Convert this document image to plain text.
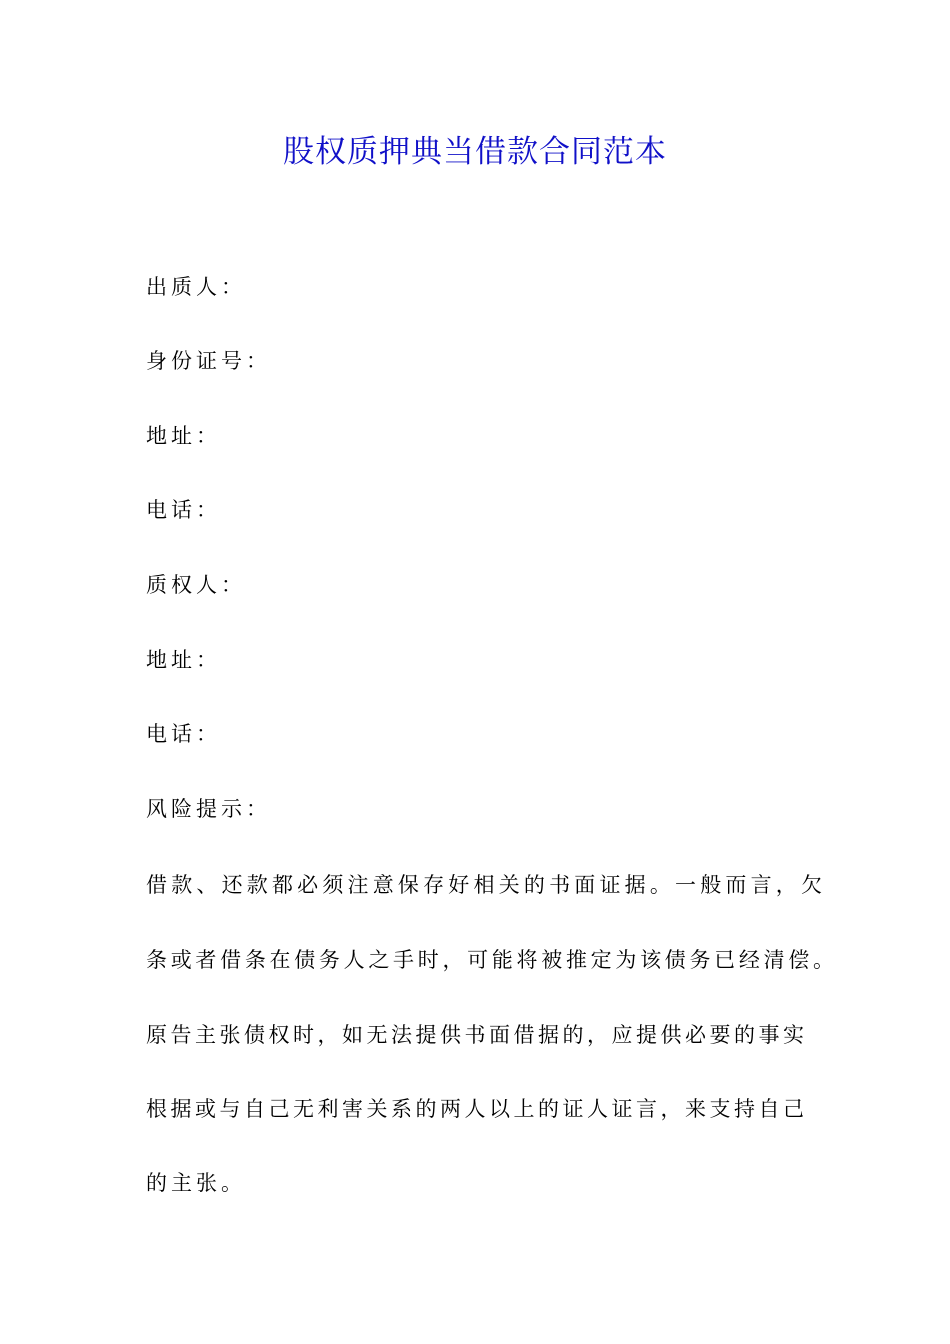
股权质押典当借款合同范本
出质人：
身份证号：
地址：
电话：
质权人：
地址：
电话：
风险提示：
借款、还款都必须注意保存好相关的书面证据。一般而言，欠
条或者借条在债务人之手时，可能将被推定为该债务已经清偿。
原告主张债权时，如无法提供书面借据的，应提供必要的事实
根据或与自己无利害关系的两人以上的证人证言，来支持自己
的主张。
